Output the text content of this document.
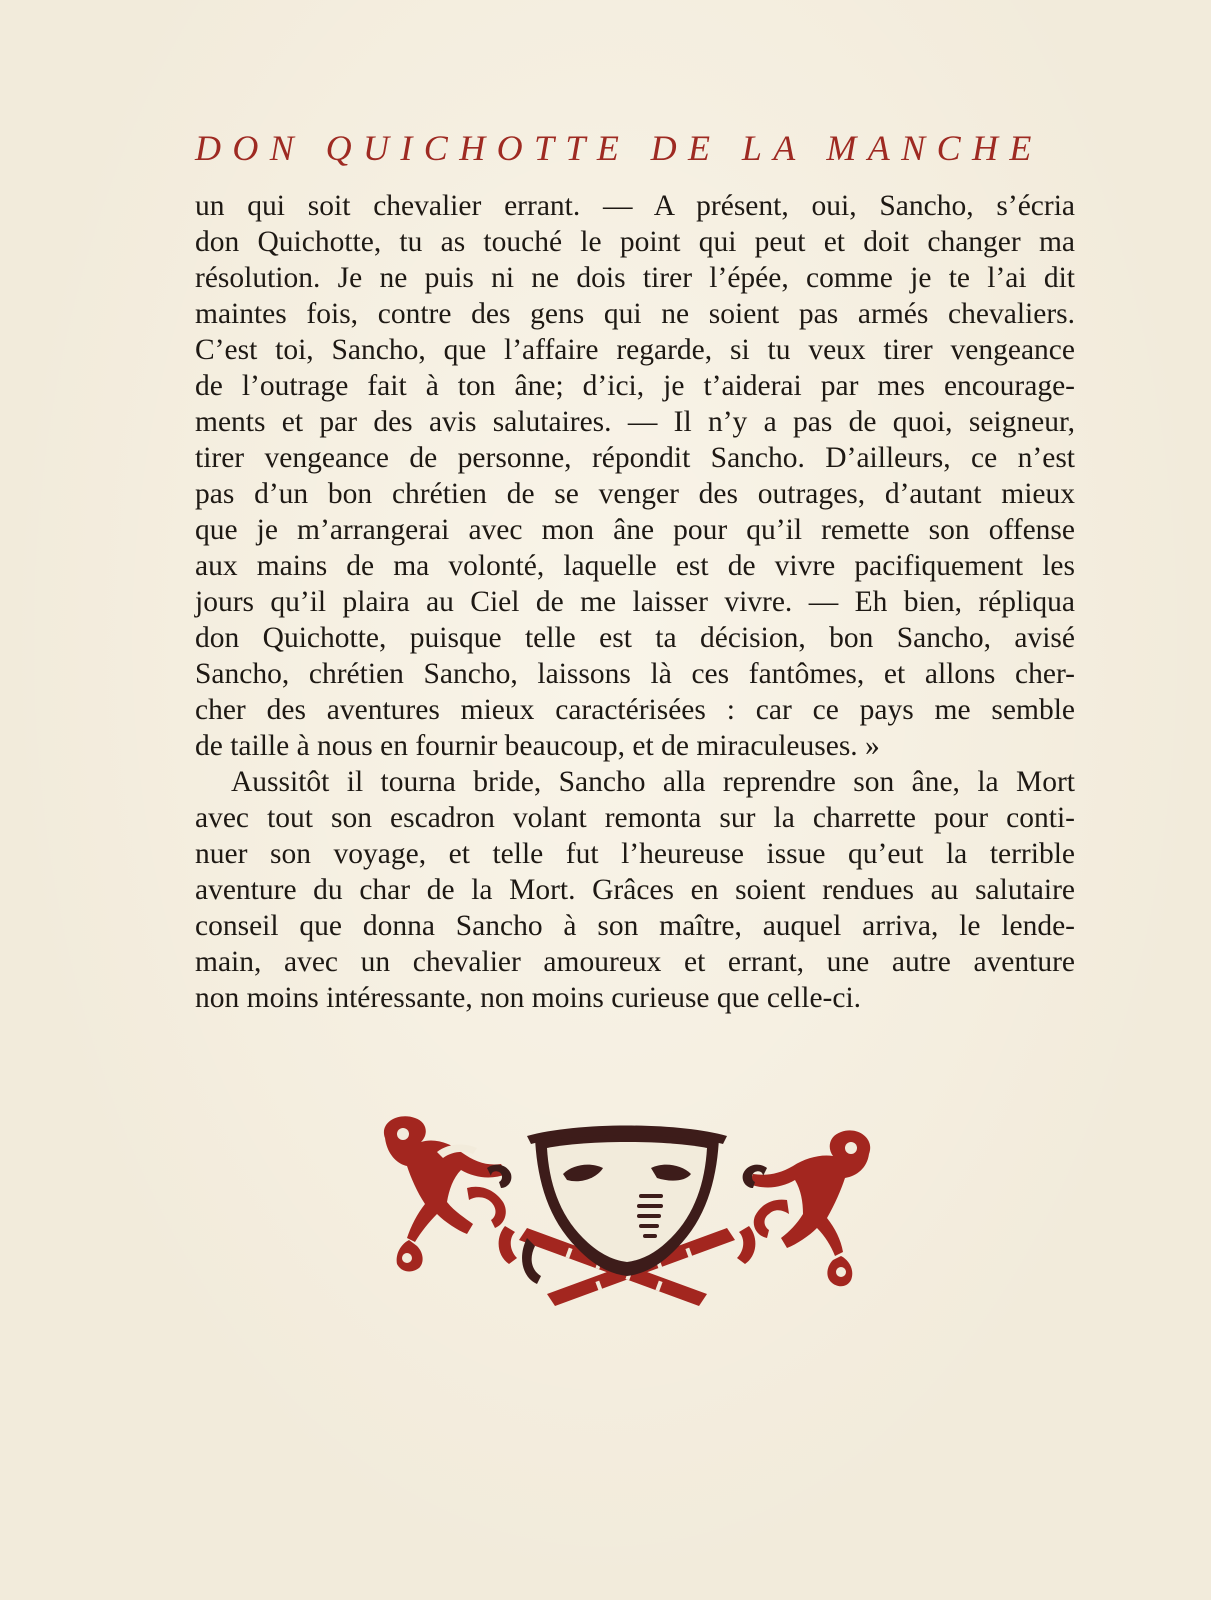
DON QUICHOTTE DE LA MANCHE
un qui soit chevalier errant. — A présent, oui, Sancho, s’écria
don Quichotte, tu as touché le point qui peut et doit changer ma
résolution. Je ne puis ni ne dois tirer l’épée, comme je te l’ai dit
maintes fois, contre des gens qui ne soient pas armés chevaliers.
C’est toi, Sancho, que l’affaire regarde, si tu veux tirer vengeance
de l’outrage fait à ton âne; d’ici, je t’aiderai par mes encourage-
ments et par des avis salutaires. — Il n’y a pas de quoi, seigneur,
tirer vengeance de personne, répondit Sancho. D’ailleurs, ce n’est
pas d’un bon chrétien de se venger des outrages, d’autant mieux
que je m’arrangerai avec mon âne pour qu’il remette son offense
aux mains de ma volonté, laquelle est de vivre pacifiquement les
jours qu’il plaira au Ciel de me laisser vivre. — Eh bien, répliqua
don Quichotte, puisque telle est ta décision, bon Sancho, avisé
Sancho, chrétien Sancho, laissons là ces fantômes, et allons cher-
cher des aventures mieux caractérisées : car ce pays me semble
de taille à nous en fournir beaucoup, et de miraculeuses. »
Aussitôt il tourna bride, Sancho alla reprendre son âne, la Mort
avec tout son escadron volant remonta sur la charrette pour conti-
nuer son voyage, et telle fut l’heureuse issue qu’eut la terrible
aventure du char de la Mort. Grâces en soient rendues au salutaire
conseil que donna Sancho à son maître, auquel arriva, le lende-
main, avec un chevalier amoureux et errant, une autre aventure
non moins intéressante, non moins curieuse que celle-ci.
